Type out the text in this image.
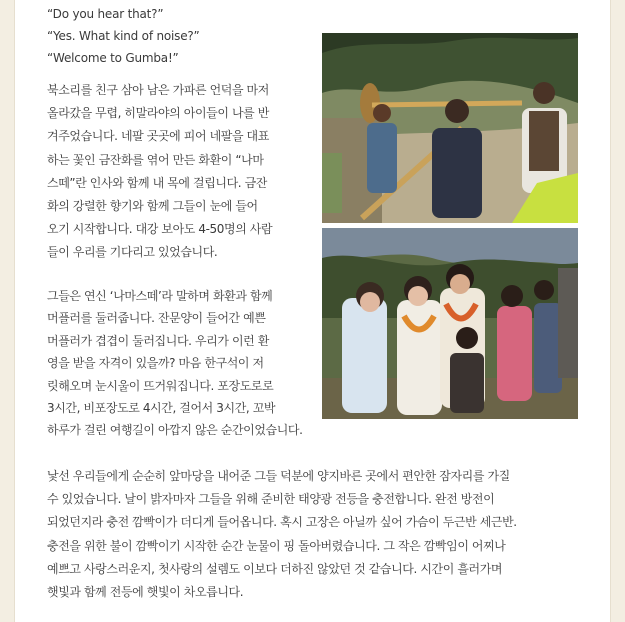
“Do you hear that?”

“Yes. What kind of noise?”

“Welcome to Gumba!”

북소리를 친구 삼아 남은 가파른 언덕을 마저
올라갔을 무렵, 히말라야의 아이들이 나를 반
겨주었습니다. 네팔 곳곳에 피어 네팔을 대표
하는 꽃인 금잔화를 엮어 만든 화환이 “나마
스떼”란 인사와 함께 내 목에 걸립니다. 금잔
화의 강렬한 향기와 함께 그들이 눈에 들어
오기 시작합니다. 대강 보아도 4-50명의 사람
들이 우리를 기다리고 있었습니다.
그들은 연신 ‘나마스떼’라 말하며 화환과 함께
머플러를 둘러줍니다. 잔문양이 들어간 예쁜
머플러가 겹겹이 둘러집니다. 우리가 이런 환
영을 받을 자격이 있을까? 마음 한구석이 저
릿해오며 눈시울이 뜨거워집니다. 포장도로로
3시간, 비포장도로 4시간, 걸어서 3시간, 꼬박
하루가 걸린 여행길이 아깝지 않은 순간이었습니다.
낯선 우리들에게 순순히 앞마당을 내어준 그들 덕분에 양지바른 곳에서 편안한 잠자리를 가질
수 있었습니다. 날이 밝자마자 그들을 위해 준비한 태양광 전등을 충전합니다. 완전 방전이
되었던지라 충전 깜빡이가 더디게 들어옵니다. 혹시 고장은 아닐까 싶어 가슴이 두근반 세근반.
충전을 위한 불이 깜빡이기 시작한 순간 눈물이 핑 돌아버렸습니다. 그 작은 깜빡임이 어찌나
예쁘고 사랑스러운지, 첫사랑의 설렘도 이보다 더하진 않았던 것 같습니다. 시간이 흘러가며
햇빛과 함께 전등에 햇빛이 차오릅니다.
